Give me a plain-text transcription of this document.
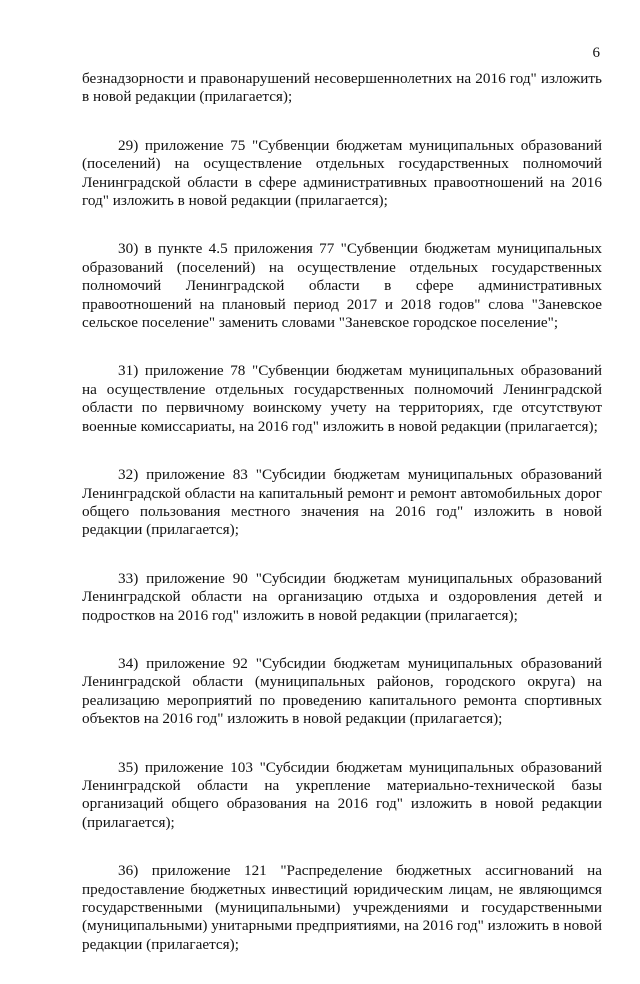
6

безнадзорности и правонарушений несовершеннолетних на 2016 год" изложить в новой редакции (прилагается);

29) приложение 75 "Субвенции бюджетам муниципальных образований (поселений) на осуществление отдельных государственных полномочий Ленинградской области в сфере административных правоотношений на 2016 год" изложить в новой редакции (прилагается);

30) в пункте 4.5 приложения 77 "Субвенции бюджетам муниципальных образований (поселений) на осуществление отдельных государственных полномочий Ленинградской области в сфере административных правоотношений на плановый период 2017 и 2018 годов" слова "Заневское сельское поселение" заменить словами "Заневское городское поселение";

31) приложение 78 "Субвенции бюджетам муниципальных образований на осуществление отдельных государственных полномочий Ленинградской области по первичному воинскому учету на территориях, где отсутствуют военные комиссариаты, на 2016 год" изложить в новой редакции (прилагается);

32) приложение 83 "Субсидии бюджетам муниципальных образований Ленинградской области на капитальный ремонт и ремонт автомобильных дорог общего пользования местного значения на 2016 год" изложить в новой редакции (прилагается);

33) приложение 90 "Субсидии бюджетам муниципальных образований Ленинградской области на организацию отдыха и оздоровления детей и подростков на 2016 год" изложить в новой редакции (прилагается);

34) приложение 92 "Субсидии бюджетам муниципальных образований Ленинградской области (муниципальных районов, городского округа) на реализацию мероприятий по проведению капитального ремонта спортивных объектов на 2016 год" изложить в новой редакции (прилагается);

35) приложение 103 "Субсидии бюджетам муниципальных образований Ленинградской области на укрепление материально-технической базы организаций общего образования на 2016 год" изложить в новой редакции (прилагается);

36) приложение 121 "Распределение бюджетных ассигнований на предоставление бюджетных инвестиций юридическим лицам, не являющимся государственными (муниципальными) учреждениями и государственными (муниципальными) унитарными предприятиями, на 2016 год" изложить в новой редакции (прилагается);
